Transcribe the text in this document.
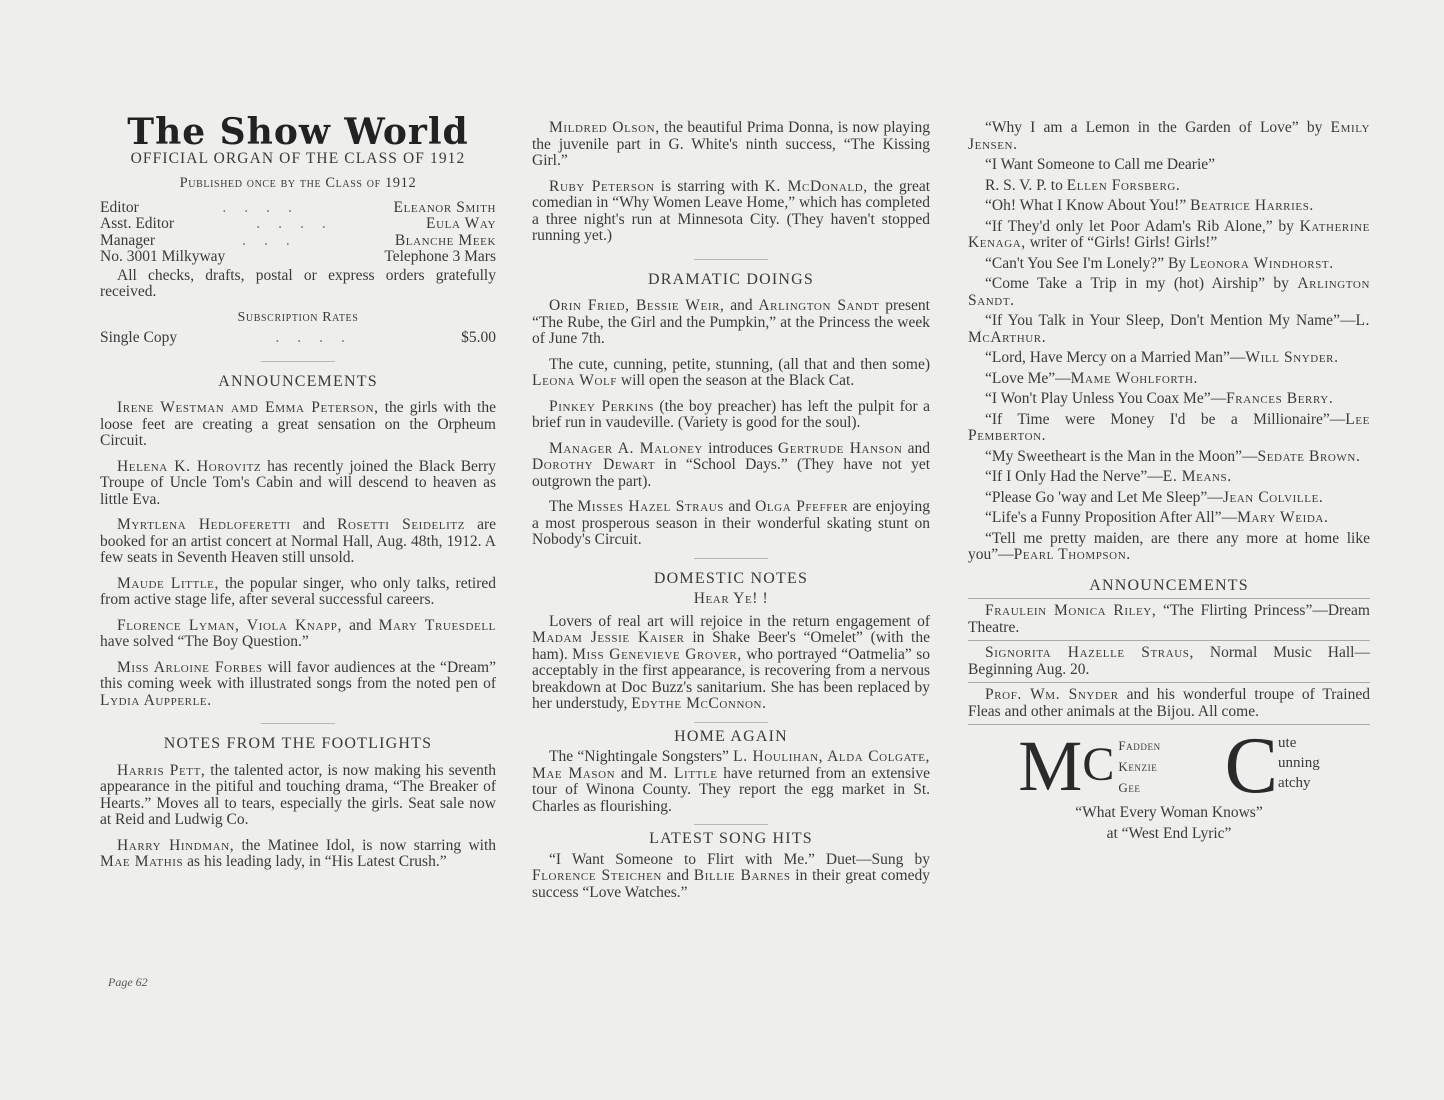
The Show World
OFFICIAL ORGAN OF THE CLASS OF 1912
Published once by the Class of 1912
Editor	....	Eleanor Smith
Asst. Editor	....	Eula Way
Manager	...	Blanche Meek
No. 3001 Milkyway	Telephone 3 Mars

All checks, drafts, postal or express orders gratefully received.

Subscription Rates
Single Copy	....	$5.00
ANNOUNCEMENTS

Irene Westman amd Emma Peterson, the girls with the loose feet are creating a great sensation on the Orpheum Circuit.

Helena K. Horovitz has recently joined the Black Berry Troupe of Uncle Tom's Cabin and will descend to heaven as little Eva.

Myrtlena Hedloferetti and Rosetti Seidelitz are booked for an artist concert at Normal Hall, Aug. 48th, 1912. A few seats in Seventh Heaven still unsold.

Maude Little, the popular singer, who only talks, retired from active stage life, after several successful careers.

Florence Lyman, Viola Knapp, and Mary Truesdell have solved “The Boy Question.”

Miss Arloine Forbes will favor audiences at the “Dream” this coming week with illustrated songs from the noted pen of Lydia Aupperle.

NOTES FROM THE FOOTLIGHTS

Harris Pett, the talented actor, is now making his seventh appearance in the pitiful and touching drama, “The Breaker of Hearts.” Moves all to tears, especially the girls. Seat sale now at Reid and Ludwig Co.

Harry Hindman, the Matinee Idol, is now starring with Mae Mathis as his leading lady, in “His Latest Crush.”

Page 62

Mildred Olson, the beautiful Prima Donna, is now playing the juvenile part in G. White's ninth success, “The Kissing Girl.”

Ruby Peterson is starring with K. McDonald, the great comedian in “Why Women Leave Home,” which has completed a three night's run at Minnesota City. (They haven't stopped running yet.)

DRAMATIC DOINGS

Orin Fried, Bessie Weir, and Arlington Sandt present “The Rube, the Girl and the Pumpkin,” at the Princess the week of June 7th.

The cute, cunning, petite, stunning, (all that and then some) Leona Wolf will open the season at the Black Cat.

Pinkey Perkins (the boy preacher) has left the pulpit for a brief run in vaudeville. (Variety is good for the soul).

Manager A. Maloney introduces Gertrude Hanson and Dorothy Dewart in “School Days.” (They have not yet outgrown the part).

The Misses Hazel Straus and Olga Pfeffer are enjoying a most prosperous season in their wonderful skating stunt on Nobody's Circuit.

DOMESTIC NOTES
Hear Ye! !

Lovers of real art will rejoice in the return engagement of Madam Jessie Kaiser in Shake Beer's “Omelet” (with the ham). Miss Genevieve Grover, who portrayed “Oatmelia” so acceptably in the first appearance, is recovering from a nervous breakdown at Doc Buzz's sanitarium. She has been replaced by her understudy, Edythe McConnon.

HOME AGAIN

The “Nightingale Songsters” L. Houlihan, Alda Colgate, Mae Mason and M. Little have returned from an extensive tour of Winona County. They report the egg market in St. Charles as flourishing.

LATEST SONG HITS

“I Want Someone to Flirt with Me.” Duet—Sung by Florence Steichen and Billie Barnes in their great comedy success “Love Watches.”

“Why I am a Lemon in the Garden of Love” by Emily Jensen.

“I Want Someone to Call me Dearie”

R. S. V. P. to Ellen Forsberg.

“Oh! What I Know About You!” Beatrice Harries.

“If They'd only let Poor Adam's Rib Alone,” by Katherine Kenaga, writer of “Girls! Girls! Girls!”

“Can't You See I'm Lonely?” By Leonora Windhorst.

“Come Take a Trip in my (hot) Airship” by Arlington Sandt.

“If You Talk in Your Sleep, Don't Mention My Name”—L. McArthur.

“Lord, Have Mercy on a Married Man”—Will Snyder.

“Love Me”—Mame Wohlforth.

“I Won't Play Unless You Coax Me”—Frances Berry.

“If Time were Money I'd be a Millionaire”—Lee Pemberton.

“My Sweetheart is the Man in the Moon”—Sedate Brown.

“If I Only Had the Nerve”—E. Means.

“Please Go 'way and Let Me Sleep”—Jean Colville.

“Life's a Funny Proposition After All”—Mary Weida.

“Tell me pretty maiden, are there any more at home like you”—Pearl Thompson.

ANNOUNCEMENTS

Fraulein Monica Riley, “The Flirting Princess”—Dream Theatre.

Signorita Hazelle Straus, Normal Music Hall—Beginning Aug. 20.

Prof. Wm. Snyder and his wonderful troupe of Trained Fleas and other animals at the Bijou. All come.

M C Fadden
Kenzie
Gee C ute
unning
atchy
“What Every Woman Knows”
at “West End Lyric”
